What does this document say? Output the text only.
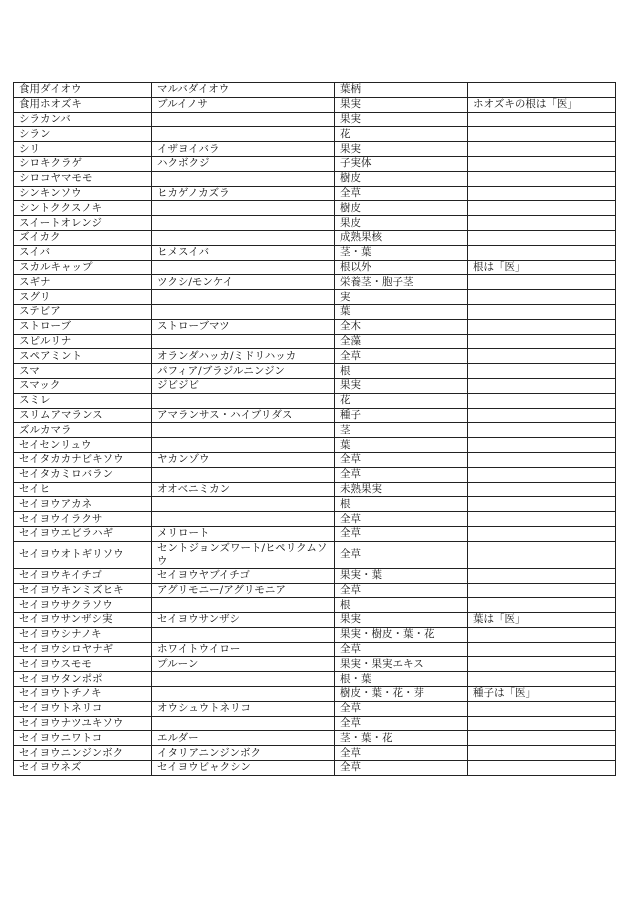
食用ダイオウ	マルバダイオウ	葉柄	
食用ホオズキ	ブルイノサ	果実	ホオズキの根は「医」
シラカンバ		果実	
シラン		花	
シリ	イザヨイバラ	果実	
シロキクラゲ	ハクボクジ	子実体	
シロコヤマモモ		樹皮	
シンキンソウ	ヒカゲノカズラ	全草	
シントククスノキ		樹皮	
スイートオレンジ		果皮	
ズイカク		成熟果核	
スイバ	ヒメスイバ	茎・葉	
スカルキャップ		根以外	根は「医」
スギナ	ツクシ/モンケイ	栄養茎・胞子茎	
スグリ		実	
ステビア		葉	
ストローブ	ストローブマツ	全木	
スピルリナ		全藻	
スペアミント	オランダハッカ/ミドリハッカ	全草	
スマ	パフィア/ブラジルニンジン	根	
スマック	ジビジビ	果実	
スミレ		花	
スリムアマランス	アマランサス・ハイブリダス	種子	
ズルカマラ		茎	
セイセンリュウ		葉	
セイタカカナビキソウ	ヤカンゾウ	全草	
セイタカミロバラン		全草	
セイヒ	オオベニミカン	未熟果実	
セイヨウアカネ		根	
セイヨウイラクサ		全草	
セイヨウエビラハギ	メリロート	全草	
セイヨウオトギリソウ	セントジョンズワート/ヒペリクムソウ	全草	
セイヨウキイチゴ	セイヨウヤブイチゴ	果実・葉	
セイヨウキンミズヒキ	アグリモニー/アグリモニア	全草	
セイヨウサクラソウ		根	
セイヨウサンザシ実	セイヨウサンザシ	果実	葉は「医」
セイヨウシナノキ		果実・樹皮・葉・花	
セイヨウシロヤナギ	ホワイトウイロー	全草	
セイヨウスモモ	プルーン	果実・果実エキス	
セイヨウタンポポ		根・葉	
セイヨウトチノキ		樹皮・葉・花・芽	種子は「医」
セイヨウトネリコ	オウシュウトネリコ	全草	
セイヨウナツユキソウ		全草	
セイヨウニワトコ	エルダー	茎・葉・花	
セイヨウニンジンボク	イタリアニンジンボク	全草	
セイヨウネズ	セイヨウビャクシン	全草	
